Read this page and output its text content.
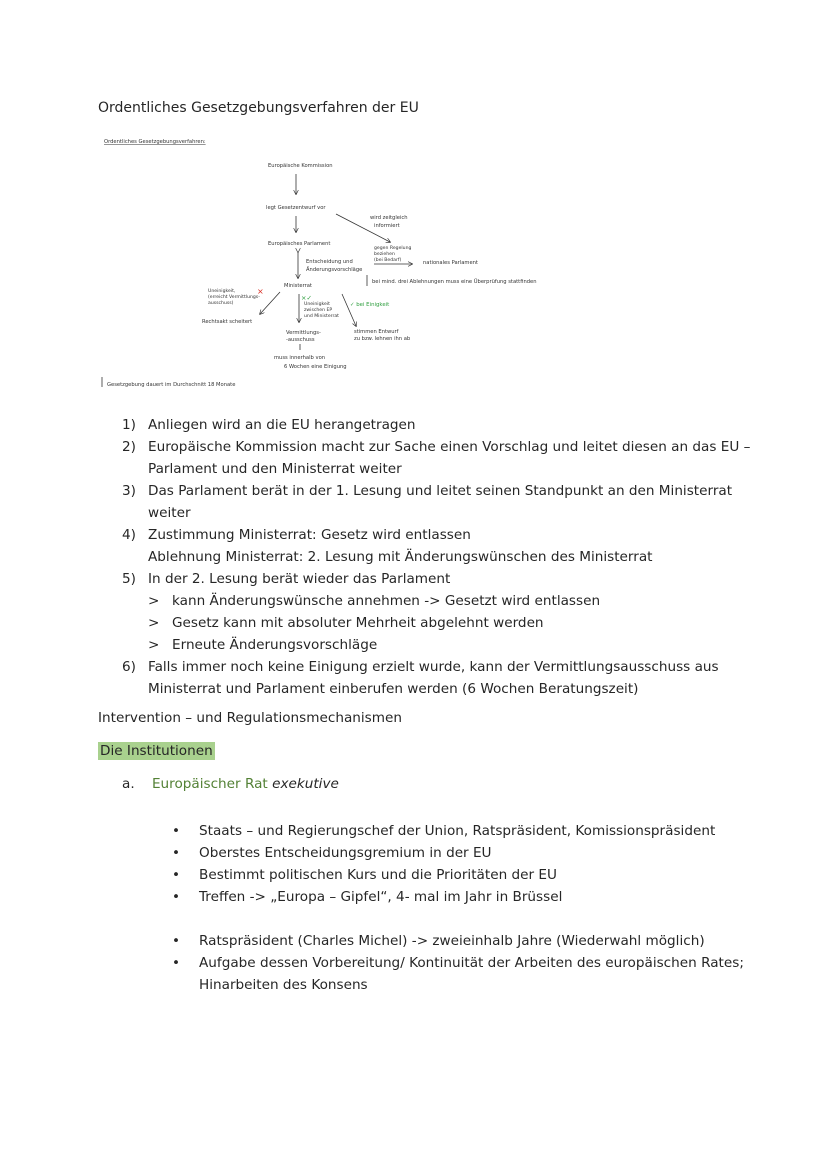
Ordentliches Gesetzgebungsverfahren der EU
Ordentliches Gesetzgebungsverfahren:
Europäische Kommission
legt Gesetzentwurf vor
wird zeitgleich
informiert
Europäisches Parlament
Entscheidung und
Änderungsvorschläge
gegen Regelung
beziehen
(bei Bedarf)	nationales Parlament
bei mind. drei Ablehnungen muss eine Überprüfung stattfinden
Ministerrat
×
×✓
Uneinigkeit,
(erreicht Vermittlungs-
ausschuss)
Rechtsakt scheitert
Uneinigkeit
zwischen EP
und Ministerrat
✓ bei Einigkeit
Vermittlungs-
-ausschuss
stimmen Entwurf
zu bzw. lehnen ihn ab
muss innerhalb von
6 Wochen eine Einigung
Gesetzgebung dauert im Durchschnitt 18 Monate
1) Anliegen wird an die EU herangetragen
2) Europäische Kommission macht zur Sache einen Vorschlag und leitet diesen an das EU –
Parlament und den Ministerrat weiter
3) Das Parlament berät in der 1. Lesung und leitet seinen Standpunkt an den Ministerrat
weiter
4) Zustimmung Ministerrat: Gesetz wird entlassen
Ablehnung Ministerrat: 2. Lesung mit Änderungswünschen des Ministerrat
5) In der 2. Lesung berät wieder das Parlament
> kann Änderungswünsche annehmen -> Gesetzt wird entlassen
> Gesetz kann mit absoluter Mehrheit abgelehnt werden
> Erneute Änderungsvorschläge
6) Falls immer noch keine Einigung erzielt wurde, kann der Vermittlungsausschuss aus
Ministerrat und Parlament einberufen werden (6 Wochen Beratungszeit)
Intervention – und Regulationsmechanismen
Die Institutionen
a. Europäischer Rat exekutive
• Staats – und Regierungschef der Union, Ratspräsident, Komissionspräsident
• Oberstes Entscheidungsgremium in der EU
• Bestimmt politischen Kurs und die Prioritäten der EU
• Treffen -> „Europa – Gipfel“, 4- mal im Jahr in Brüssel
• Ratspräsident (Charles Michel) -> zweieinhalb Jahre (Wiederwahl möglich)
• Aufgabe dessen Vorbereitung/ Kontinuität der Arbeiten des europäischen Rates;
Hinarbeiten des Konsens
